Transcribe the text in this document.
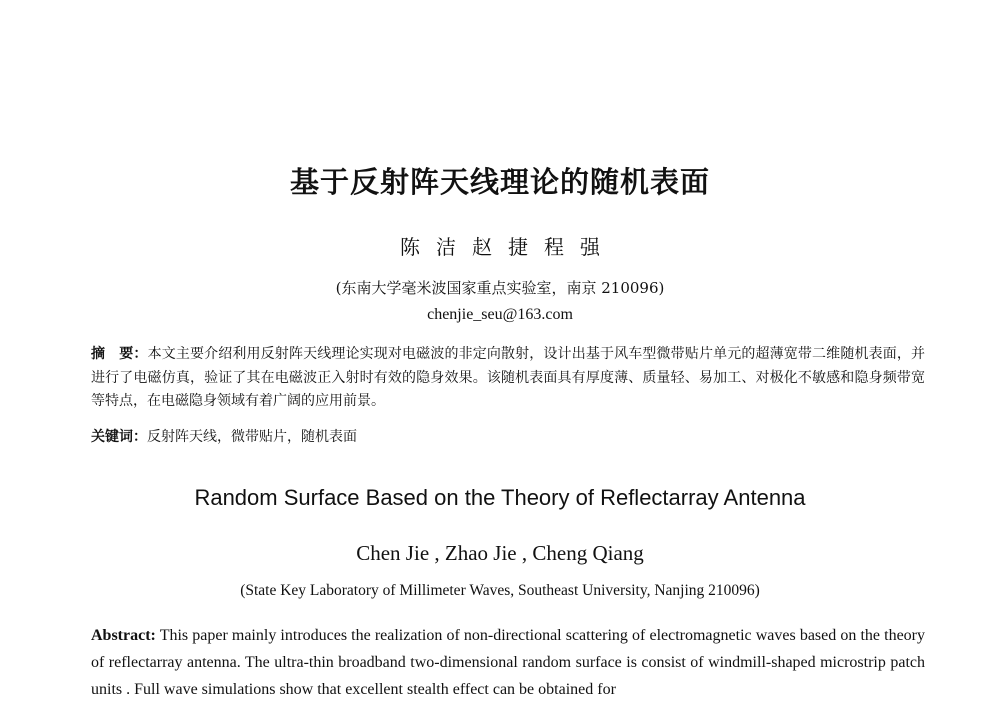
基于反射阵天线理论的随机表面
陈洁赵捷程强
(东南大学毫米波国家重点实验室，南京 210096)
chenjie_seu@163.com
摘　要：本文主要介绍利用反射阵天线理论实现对电磁波的非定向散射，设计出基于风车型微带贴片单元的超薄宽带二维随机表面，并进行了电磁仿真，验证了其在电磁波正入射时有效的隐身效果。该随机表面具有厚度薄、质量轻、易加工、对极化不敏感和隐身频带宽等特点，在电磁隐身领域有着广阔的应用前景。
关键词：反射阵天线，微带贴片，随机表面
Random Surface Based on the Theory of Reflectarray Antenna
Chen Jie , Zhao Jie , Cheng Qiang
(State Key Laboratory of Millimeter Waves, Southeast University, Nanjing 210096)
Abstract: This paper mainly introduces the realization of non-directional scattering of electromagnetic waves based on the theory of reflectarray antenna. The ultra-thin broadband two-dimensional random surface is consist of windmill-shaped microstrip patch units . Full wave simulations show that excellent stealth effect can be obtained for
